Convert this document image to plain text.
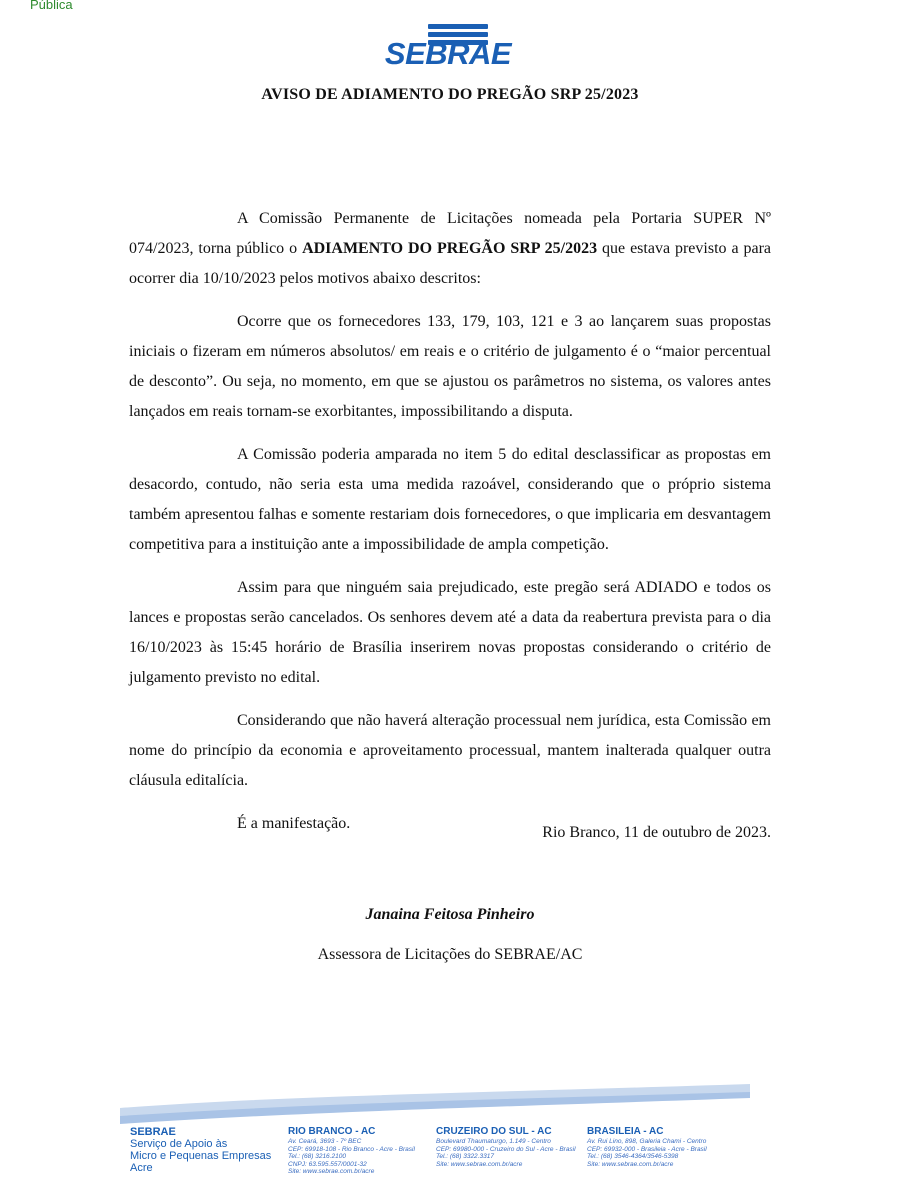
Pública
SEBRAE
AVISO DE ADIAMENTO DO PREGÃO SRP 25/2023

A Comissão Permanente de Licitações nomeada pela Portaria SUPER Nº 074/2023, torna público o ADIAMENTO DO PREGÃO SRP 25/2023 que estava previsto a para ocorrer dia 10/10/2023 pelos motivos abaixo descritos:

Ocorre que os fornecedores 133, 179, 103, 121 e 3 ao lançarem suas propostas iniciais o fizeram em números absolutos/ em reais e o critério de julgamento é o “maior percentual de desconto”. Ou seja, no momento, em que se ajustou os parâmetros no sistema, os valores antes lançados em reais tornam-se exorbitantes, impossibilitando a disputa.

A Comissão poderia amparada no item 5 do edital desclassificar as propostas em desacordo, contudo, não seria esta uma medida razoável, considerando que o próprio sistema também apresentou falhas e somente restariam dois fornecedores, o que implicaria em desvantagem competitiva para a instituição ante a impossibilidade de ampla competição.

Assim para que ninguém saia prejudicado, este pregão será ADIADO e todos os lances e propostas serão cancelados. Os senhores devem até a data da reabertura prevista para o dia 16/10/2023 às 15:45 horário de Brasília inserirem novas propostas considerando o critério de julgamento previsto no edital.

Considerando que não haverá alteração processual nem jurídica, esta Comissão em nome do princípio da economia e aproveitamento processual, mantem inalterada qualquer outra cláusula editalícia.

É a manifestação.

Rio Branco, 11 de outubro de 2023.
Janaina Feitosa Pinheiro
Assessora de Licitações do SEBRAE/AC
SEBRAE
Serviço de Apoio às
Micro e Pequenas Empresas
Acre
RIO BRANCO - AC
Av. Ceará, 3693 - 7º BEC
CEP: 69918-108 - Rio Branco - Acre - Brasil
Tel.: (68) 3216.2100
CNPJ: 63.595.557/0001-32
Site: www.sebrae.com.br/acre
CRUZEIRO DO SUL - AC
Boulevard Thaumaturgo, 1.149 - Centro
CEP: 69980-000 - Cruzeiro do Sul - Acre - Brasil
Tel.: (68) 3322.3317
Site: www.sebrae.com.br/acre
BRASILEIA - AC
Av. Rui Lino, 898, Galeria Chami - Centro
CEP: 69932-000 - Brasileia - Acre - Brasil
Tel.: (68) 3546-4364/3546-5398
Site: www.sebrae.com.br/acre
